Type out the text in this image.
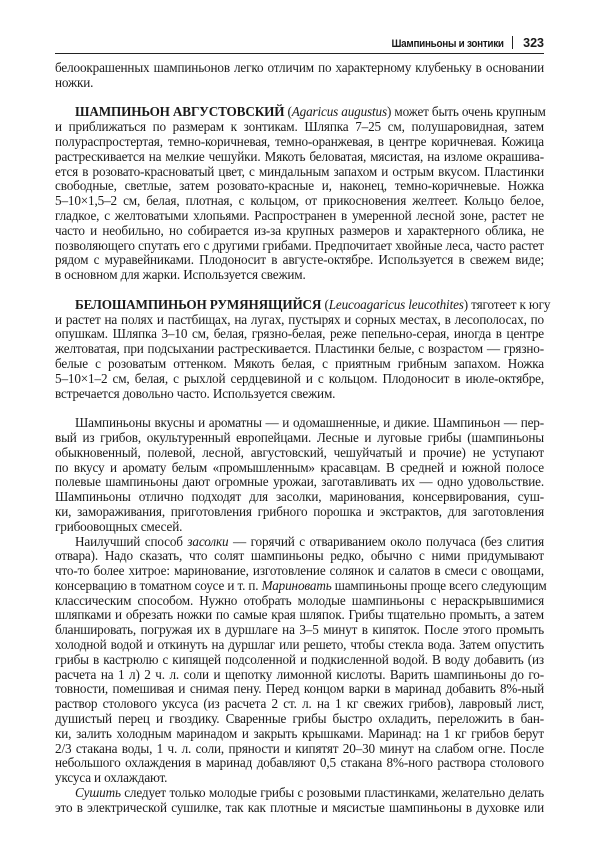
Шампиньоны и зонтики 323
белоокрашенных шампиньонов легко отличим по характерному клубеньку в основании
ножки.
ШАМПИНЬОН АВГУСТОВСКИЙ (Agaricus augustus) может быть очень крупным
и приближаться по размерам к зонтикам. Шляпка 7–25 см, полушаровидная, затем
полураспростертая, темно-коричневая, темно-оранжевая, в центре коричневая. Кожица
растрескивается на мелкие чешуйки. Мякоть беловатая, мясистая, на изломе окрашива-
ется в розовато-красноватый цвет, с миндальным запахом и острым вкусом. Пластинки
свободные, светлые, затем розовато-красные и, наконец, темно-коричневые. Ножка
5–10×1,5–2 см, белая, плотная, с кольцом, от прикосновения желтеет. Кольцо белое,
гладкое, с желтоватыми хлопьями. Распространен в умеренной лесной зоне, растет не
часто и необильно, но собирается из-за крупных размеров и характерного облика, не
позволяющего спутать его с другими грибами. Предпочитает хвойные леса, часто растет
рядом с муравейниками. Плодоносит в августе-октябре. Используется в свежем виде;
в основном для жарки. Используется свежим.
БЕЛОШАМПИНЬОН РУМЯНЯЩИЙСЯ (Leucoagaricus leucothites) тяготеет к югу
и растет на полях и пастбищах, на лугах, пустырях и сорных местах, в лесополосах, по
опушкам. Шляпка 3–10 см, белая, грязно-белая, реже пепельно-серая, иногда в центре
желтоватая, при подсыхании растрескивается. Пластинки белые, с возрастом — грязно-
белые с розоватым оттенком. Мякоть белая, с приятным грибным запахом. Ножка
5–10×1–2 см, белая, с рыхлой сердцевиной и с кольцом. Плодоносит в июле-октябре,
встречается довольно часто. Используется свежим.
Шампиньоны вкусны и ароматны — и одомашненные, и дикие. Шампиньон — пер-
вый из грибов, окультуренный европейцами. Лесные и луговые грибы (шампиньоны
обыкновенный, полевой, лесной, августовский, чешуйчатый и прочие) не уступают
по вкусу и аромату белым «промышленным» красавцам. В средней и южной полосе
полевые шампиньоны дают огромные урожаи, заготавливать их — одно удовольствие.
Шампиньоны отлично подходят для засолки, маринования, консервирования, суш-
ки, замораживания, приготовления грибного порошка и экстрактов, для заготовления
грибоовощных смесей.
Наилучший способ засолки — горячий с отвариванием около получаса (без слития
отвара). Надо сказать, что солят шампиньоны редко, обычно с ними придумывают
что-то более хитрое: маринование, изготовление солянок и салатов в смеси с овощами,
консервацию в томатном соусе и т. п. Мариновать шампиньоны проще всего следующим
классическим способом. Нужно отобрать молодые шампиньоны с нераскрывшимися
шляпками и обрезать ножки по самые края шляпок. Грибы тщательно промыть, а затем
бланшировать, погружая их в дуршлаге на 3–5 минут в кипяток. После этого промыть
холодной водой и откинуть на дуршлаг или решето, чтобы стекла вода. Затем опустить
грибы в кастрюлю с кипящей подсоленной и подкисленной водой. В воду добавить (из
расчета на 1 л) 2 ч. л. соли и щепотку лимонной кислоты. Варить шампиньоны до го-
товности, помешивая и снимая пену. Перед концом варки в маринад добавить 8%-ный
раствор столового уксуса (из расчета 2 ст. л. на 1 кг свежих грибов), лавровый лист,
душистый перец и гвоздику. Сваренные грибы быстро охладить, переложить в бан-
ки, залить холодным маринадом и закрыть крышками. Маринад: на 1 кг грибов берут
2/3 стакана воды, 1 ч. л. соли, пряности и кипятят 20–30 минут на слабом огне. После
небольшого охлаждения в маринад добавляют 0,5 стакана 8%-ного раствора столового
уксуса и охлаждают.
Сушить следует только молодые грибы с розовыми пластинками, желательно делать
это в электрической сушилке, так как плотные и мясистые шампиньоны в духовке или
